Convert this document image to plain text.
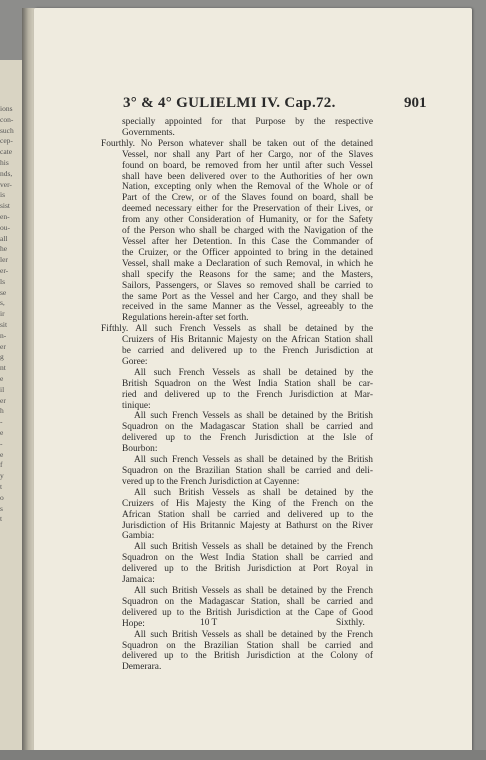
ions
con-
such
cep-
cate
his
nds,
ver-
is
sist
en-
ou-
all
he
ler
er-
ls
se
s,
ir
sit
n-
er
g
nt
e
il
er
h
-
e
-
e
f
y
t
o
s
t
3° & 4° GULIELMI IV. Cap.72.	901
specially appointed for that Purpose by the respective
Governments.
Fourthly. No Person whatever shall be taken out of the detained
Vessel, nor shall any Part of her Cargo, nor of the Slaves
found on board, be removed from her until after such Vessel
shall have been delivered over to the Authorities of her own
Nation, excepting only when the Removal of the Whole or of
Part of the Crew, or of the Slaves found on board, shall be
deemed necessary either for the Preservation of their Lives, or
from any other Consideration of Humanity, or for the Safety
of the Person who shall be charged with the Navigation of the
Vessel after her Detention. In this Case the Commander of
the Cruizer, or the Officer appointed to bring in the detained
Vessel, shall make a Declaration of such Removal, in which he
shall specify the Reasons for the same; and the Masters,
Sailors, Passengers, or Slaves so removed shall be carried to
the same Port as the Vessel and her Cargo, and they shall be
received in the same Manner as the Vessel, agreeably to the
Regulations herein-after set forth.
Fifthly. All such French Vessels as shall be detained by the
Cruizers of His Britannic Majesty on the African Station shall
be carried and delivered up to the French Jurisdiction at
Goree:
All such French Vessels as shall be detained by the
British Squadron on the West India Station shall be car-
ried and delivered up to the French Jurisdiction at Mar-
tinique:
All such French Vessels as shall be detained by the British
Squadron on the Madagascar Station shall be carried and
delivered up to the French Jurisdiction at the Isle of
Bourbon:
All such French Vessels as shall be detained by the British
Squadron on the Brazilian Station shall be carried and deli-
vered up to the French Jurisdiction at Cayenne:
All such British Vessels as shall be detained by the
Cruizers of His Majesty the King of the French on the
African Station shall be carried and delivered up to the
Jurisdiction of His Britannic Majesty at Bathurst on the River
Gambia:
All such British Vessels as shall be detained by the French
Squadron on the West India Station shall be carried and
delivered up to the British Jurisdiction at Port Royal in
Jamaica:
All such British Vessels as shall be detained by the French
Squadron on the Madagascar Station, shall be carried and
delivered up to the British Jurisdiction at the Cape of Good
Hope:
All such British Vessels as shall be detained by the French
Squadron on the Brazilian Station shall be carried and
delivered up to the British Jurisdiction at the Colony of
Demerara.
10 T	Sixthly.
